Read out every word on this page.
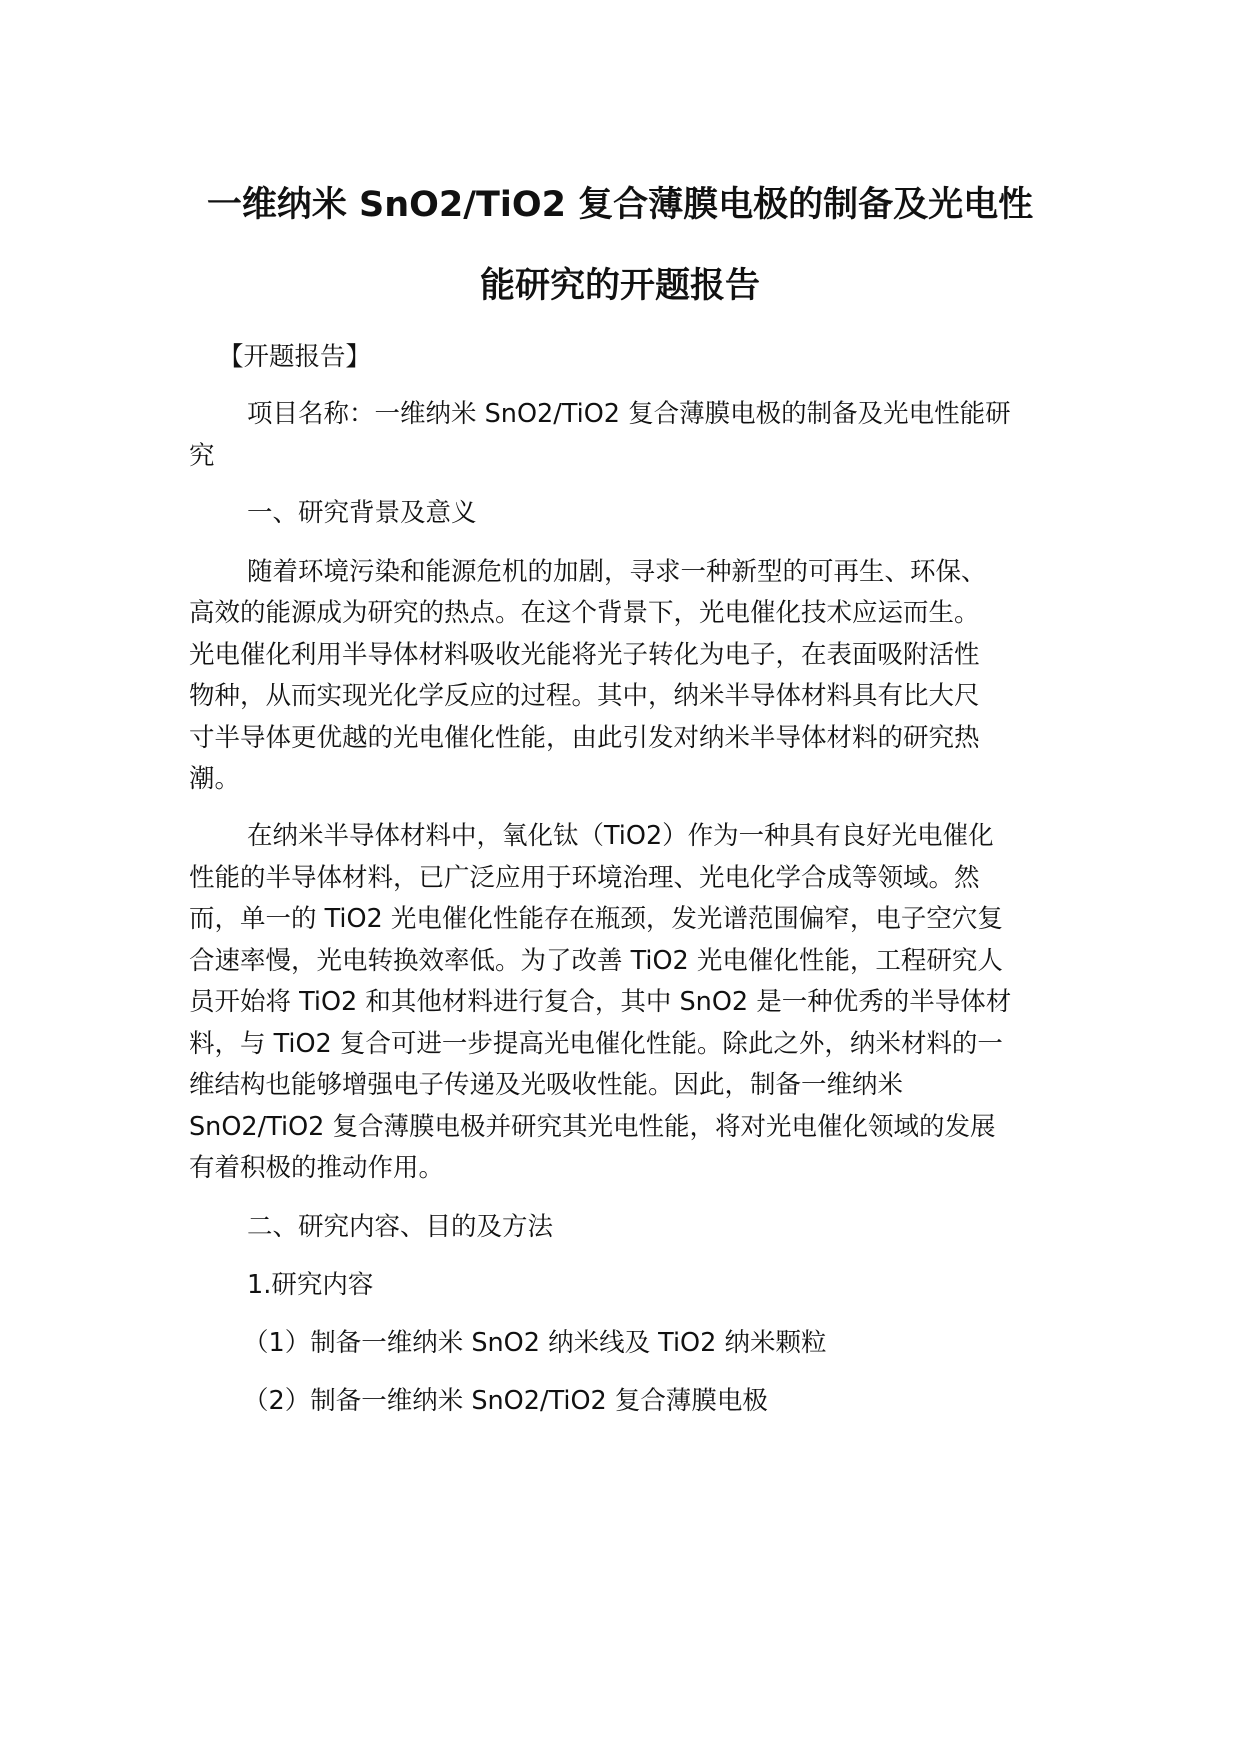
一维纳米 SnO2/TiO2 复合薄膜电极的制备及光电性
能研究的开题报告
【开题报告】
项目名称：一维纳米 SnO2/TiO2 复合薄膜电极的制备及光电性能研
究
一、研究背景及意义
随着环境污染和能源危机的加剧，寻求一种新型的可再生、环保、
高效的能源成为研究的热点。在这个背景下，光电催化技术应运而生。
光电催化利用半导体材料吸收光能将光子转化为电子，在表面吸附活性
物种，从而实现光化学反应的过程。其中，纳米半导体材料具有比大尺
寸半导体更优越的光电催化性能，由此引发对纳米半导体材料的研究热
潮。
在纳米半导体材料中，氧化钛（TiO2）作为一种具有良好光电催化
性能的半导体材料，已广泛应用于环境治理、光电化学合成等领域。然
而，单一的 TiO2 光电催化性能存在瓶颈，发光谱范围偏窄，电子空穴复
合速率慢，光电转换效率低。为了改善 TiO2 光电催化性能，工程研究人
员开始将 TiO2 和其他材料进行复合，其中 SnO2 是一种优秀的半导体材
料，与 TiO2 复合可进一步提高光电催化性能。除此之外，纳米材料的一
维结构也能够增强电子传递及光吸收性能。因此，制备一维纳米
SnO2/TiO2 复合薄膜电极并研究其光电性能，将对光电催化领域的发展
有着积极的推动作用。
二、研究内容、目的及方法
1.研究内容
（1）制备一维纳米 SnO2 纳米线及 TiO2 纳米颗粒
（2）制备一维纳米 SnO2/TiO2 复合薄膜电极
